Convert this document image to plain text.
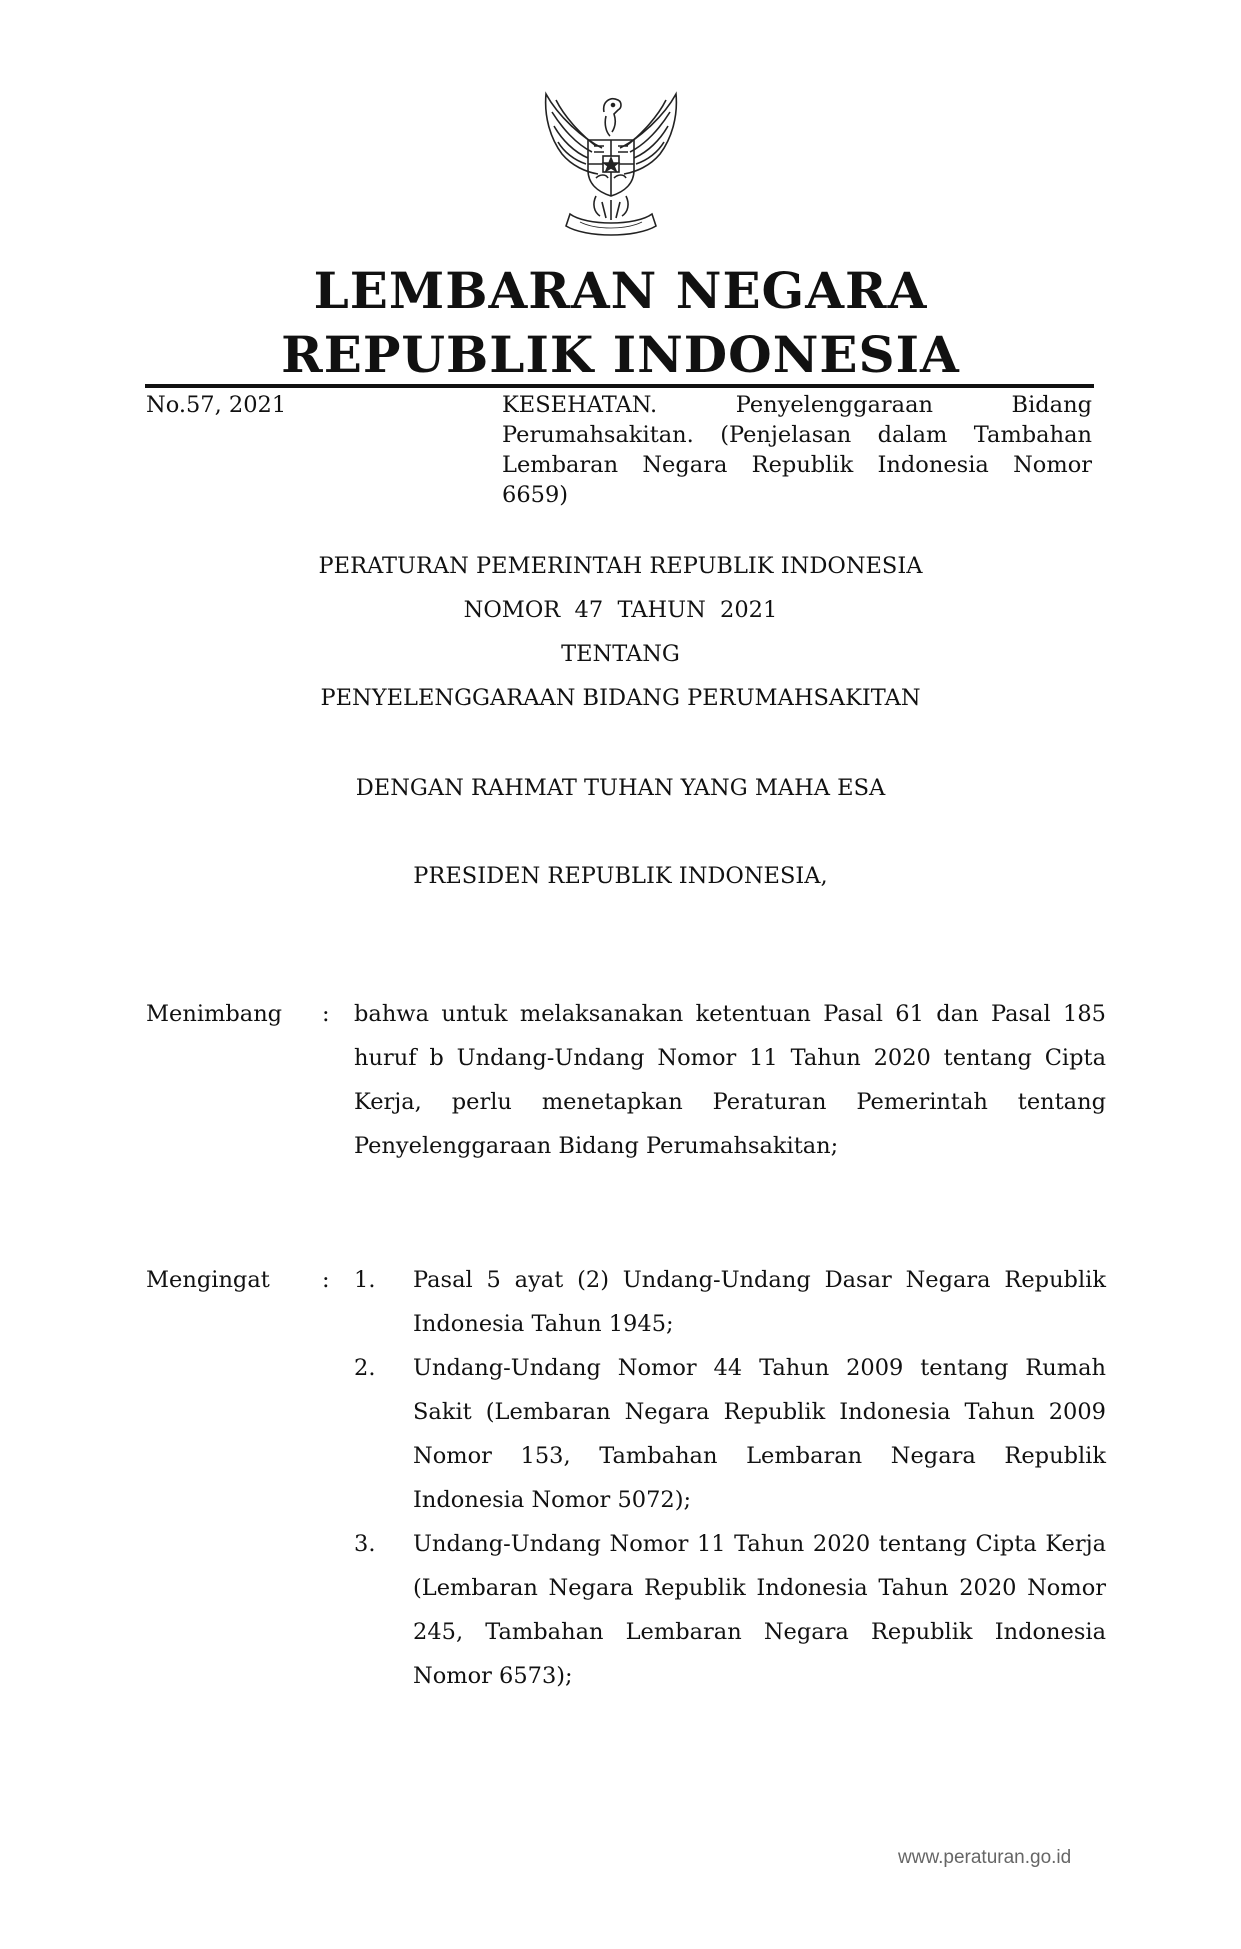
LEMBARAN NEGARA
REPUBLIK INDONESIA
No.57, 2021	KESEHATAN. Penyelenggaraan Bidang Perumahsakitan. (Penjelasan dalam Tambahan Lembaran Negara Republik Indonesia Nomor 6659)
PERATURAN PEMERINTAH REPUBLIK INDONESIA
NOMOR  47  TAHUN  2021
TENTANG
PENYELENGGARAAN BIDANG PERUMAHSAKITAN
DENGAN RAHMAT TUHAN YANG MAHA ESA
PRESIDEN REPUBLIK INDONESIA,
Menimbang : bahwa untuk melaksanakan ketentuan Pasal 61 dan Pasal 185 huruf b Undang-Undang Nomor 11 Tahun 2020 tentang Cipta Kerja, perlu menetapkan Peraturan Pemerintah tentang Penyelenggaraan Bidang Perumahsakitan;
Mengingat : 1.	Pasal 5 ayat (2) Undang-Undang Dasar Negara Republik Indonesia Tahun 1945;
2.	Undang-Undang Nomor 44 Tahun 2009 tentang Rumah Sakit (Lembaran Negara Republik Indonesia Tahun 2009 Nomor 153, Tambahan Lembaran Negara Republik Indonesia Nomor 5072);
3.	Undang-Undang Nomor 11 Tahun 2020 tentang Cipta Kerja (Lembaran Negara Republik Indonesia Tahun 2020 Nomor 245, Tambahan Lembaran Negara Republik Indonesia Nomor 6573);
www.peraturan.go.id
